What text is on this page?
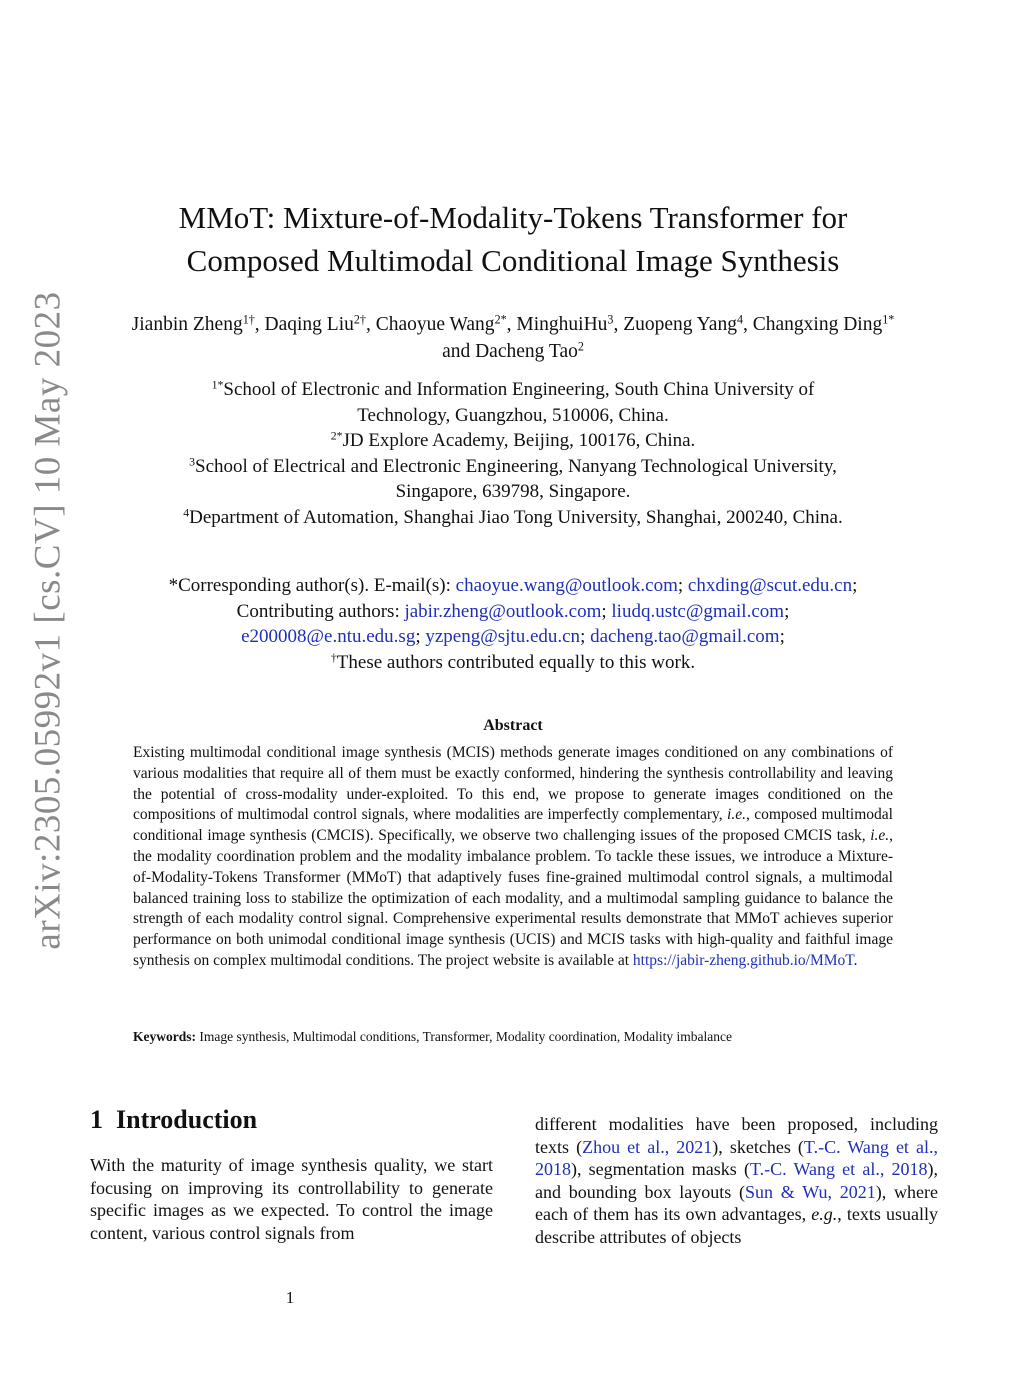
arXiv:2305.05992v1 [cs.CV] 10 May 2023
MMoT: Mixture-of-Modality-Tokens Transformer for
Composed Multimodal Conditional Image Synthesis
Jianbin Zheng$^{1\dagger}$, Daqing Liu$^{2\dagger}$, Chaoyue Wang$^{2*}$, MinghuiHu$^3$, Zuopeng Yang$^4$, Changxing Ding$^{1*}$ and Dacheng Tao$^2$
$^{1*}$School of Electronic and Information Engineering, South China University of
Technology, Guangzhou, 510006, China.
$^{2*}$JD Explore Academy, Beijing, 100176, China.
$^3$School of Electrical and Electronic Engineering, Nanyang Technological University,
Singapore, 639798, Singapore.
$^4$Department of Automation, Shanghai Jiao Tong University, Shanghai, 200240, China.
*Corresponding author(s). E-mail(s): chaoyue.wang@outlook.com; chxding@scut.edu.cn;
Contributing authors: jabir.zheng@outlook.com; liudq.ustc@gmail.com;
e200008@e.ntu.edu.sg; yzpeng@sjtu.edu.cn; dacheng.tao@gmail.com;
†These authors contributed equally to this work.
Abstract
Existing multimodal conditional image synthesis (MCIS) methods generate images conditioned on any combinations of various modalities that require all of them must be exactly conformed, hindering the synthesis controllability and leaving the potential of cross-modality under-exploited. To this end, we propose to generate images conditioned on the compositions of multimodal control signals, where modalities are imperfectly complementary, i.e., composed multimodal conditional image synthesis (CMCIS). Specifically, we observe two challenging issues of the proposed CMCIS task, i.e., the modality coordination problem and the modality imbalance problem. To tackle these issues, we introduce a Mixture-of-Modality-Tokens Transformer (MMoT) that adaptively fuses fine-grained multimodal control signals, a multimodal balanced training loss to stabilize the optimization of each modality, and a multimodal sampling guidance to balance the strength of each modality control signal. Comprehensive experimental results demonstrate that MMoT achieves superior performance on both unimodal conditional image synthesis (UCIS) and MCIS tasks with high-quality and faithful image synthesis on complex multimodal conditions. The project website is available at https://jabir-zheng.github.io/MMoT.
Keywords: Image synthesis, Multimodal conditions, Transformer, Modality coordination, Modality imbalance
1 Introduction
With the maturity of image synthesis quality, we start focusing on improving its controllability to generate specific images as we expected. To control the image content, various control signals from
different modalities have been proposed, including texts (Zhou et al., 2021), sketches (T.-C. Wang et al., 2018), segmentation masks (T.-C. Wang et al., 2018), and bounding box layouts (Sun & Wu, 2021), where each of them has its own advantages, e.g., texts usually describe attributes of objects
1
